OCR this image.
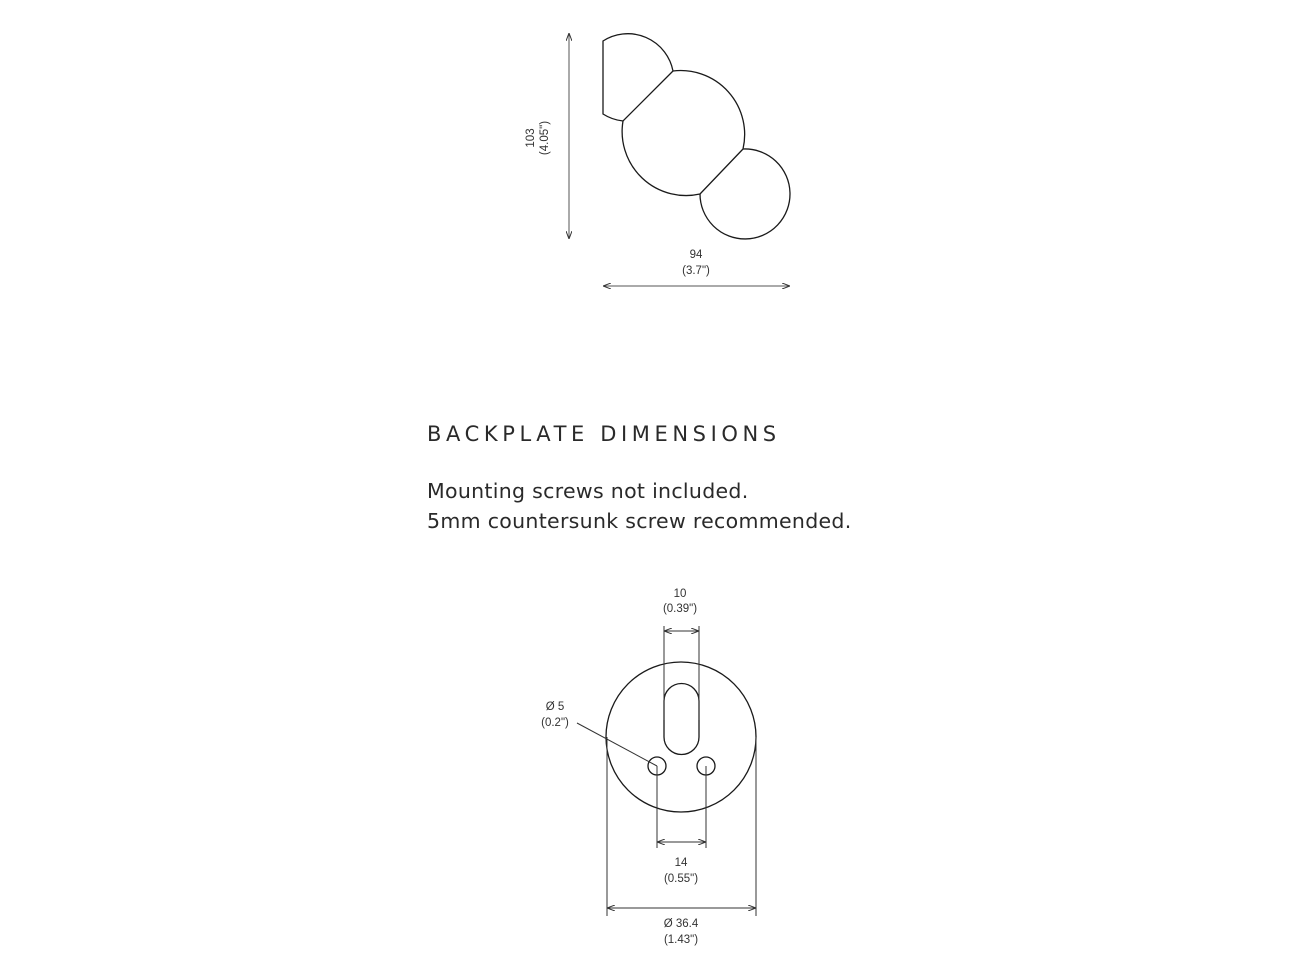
103 (4.05")
94
(3.7")
10
(0.39")
Ø 5
(0.2")
14
(0.55")
Ø 36.4
(1.43")
BACKPLATE DIMENSIONS
Mounting screws not included.
5mm countersunk screw recommended.
